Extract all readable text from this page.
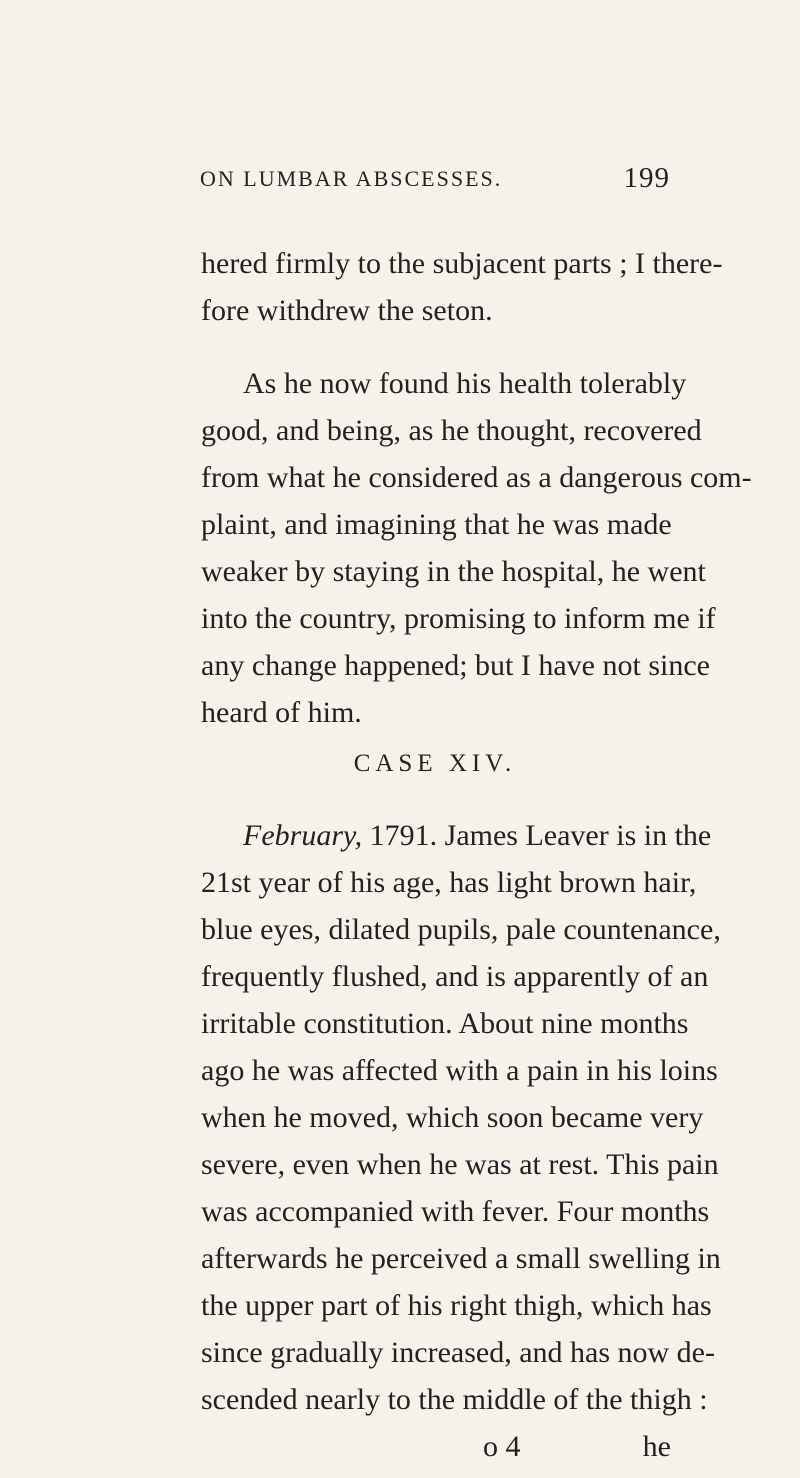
ON LUMBAR ABSCESSES.	199
hered firmly to the subjacent parts ; I there-
fore withdrew the seton.
As he now found his health tolerably
good, and being, as he thought, recovered
from what he considered as a dangerous com-
plaint, and imagining that he was made
weaker by staying in the hospital, he went
into the country, promising to inform me if
any change happened; but I have not since
heard of him.
CASE XIV.
February, 1791. James Leaver is in the
21st year of his age, has light brown hair,
blue eyes, dilated pupils, pale countenance,
frequently flushed, and is apparently of an
irritable constitution. About nine months
ago he was affected with a pain in his loins
when he moved, which soon became very
severe, even when he was at rest. This pain
was accompanied with fever. Four months
afterwards he perceived a small swelling in
the upper part of his right thigh, which has
since gradually increased, and has now de-
scended nearly to the middle of the thigh :
o 4	he
